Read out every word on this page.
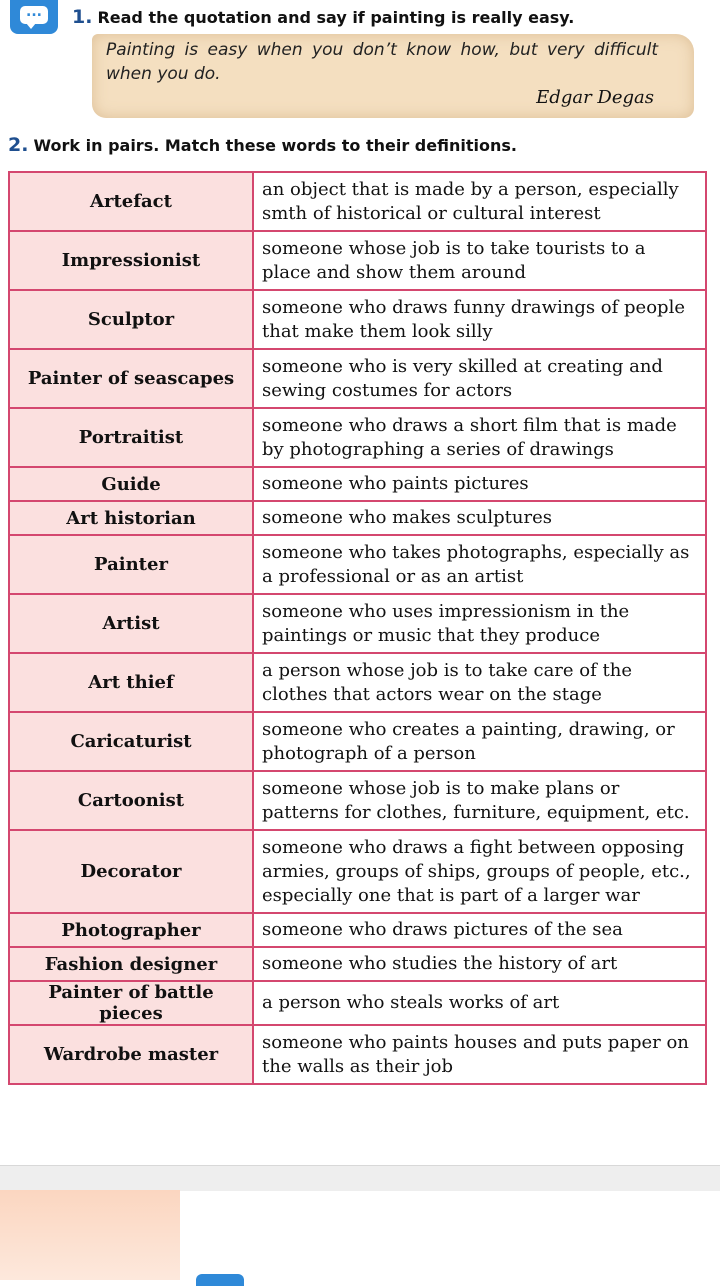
...	1. Read the quotation and say if painting is really easy.
Painting is easy when you don’t know how, but very difficult when you do.
Edgar Degas
2. Work in pairs. Match these words to their definitions.
Artefact	an object that is made by a person, especially smth of historical or cultural interest
Impressionist	someone whose job is to take tourists to a place and show them around
Sculptor	someone who draws funny drawings of people that make them look silly
Painter of seascapes	someone who is very skilled at creating and sewing costumes for actors
Portraitist	someone who draws a short film that is made by photographing a series of drawings
Guide	someone who paints pictures
Art historian	someone who makes sculptures
Painter	someone who takes photographs, especially as a professional or as an artist
Artist	someone who uses impressionism in the paintings or music that they produce
Art thief	a person whose job is to take care of the clothes that actors wear on the stage
Caricaturist	someone who creates a painting, drawing, or photograph of a person
Cartoonist	someone whose job is to make plans or patterns for clothes, furniture, equipment, etc.
Decorator	someone who draws a fight between opposing armies, groups of ships, groups of people, etc., especially one that is part of a larger war
Photographer	someone who draws pictures of the sea
Fashion designer	someone who studies the history of art
Painter of battle pieces	a person who steals works of art
Wardrobe master	someone who paints houses and puts paper on the walls as their job
